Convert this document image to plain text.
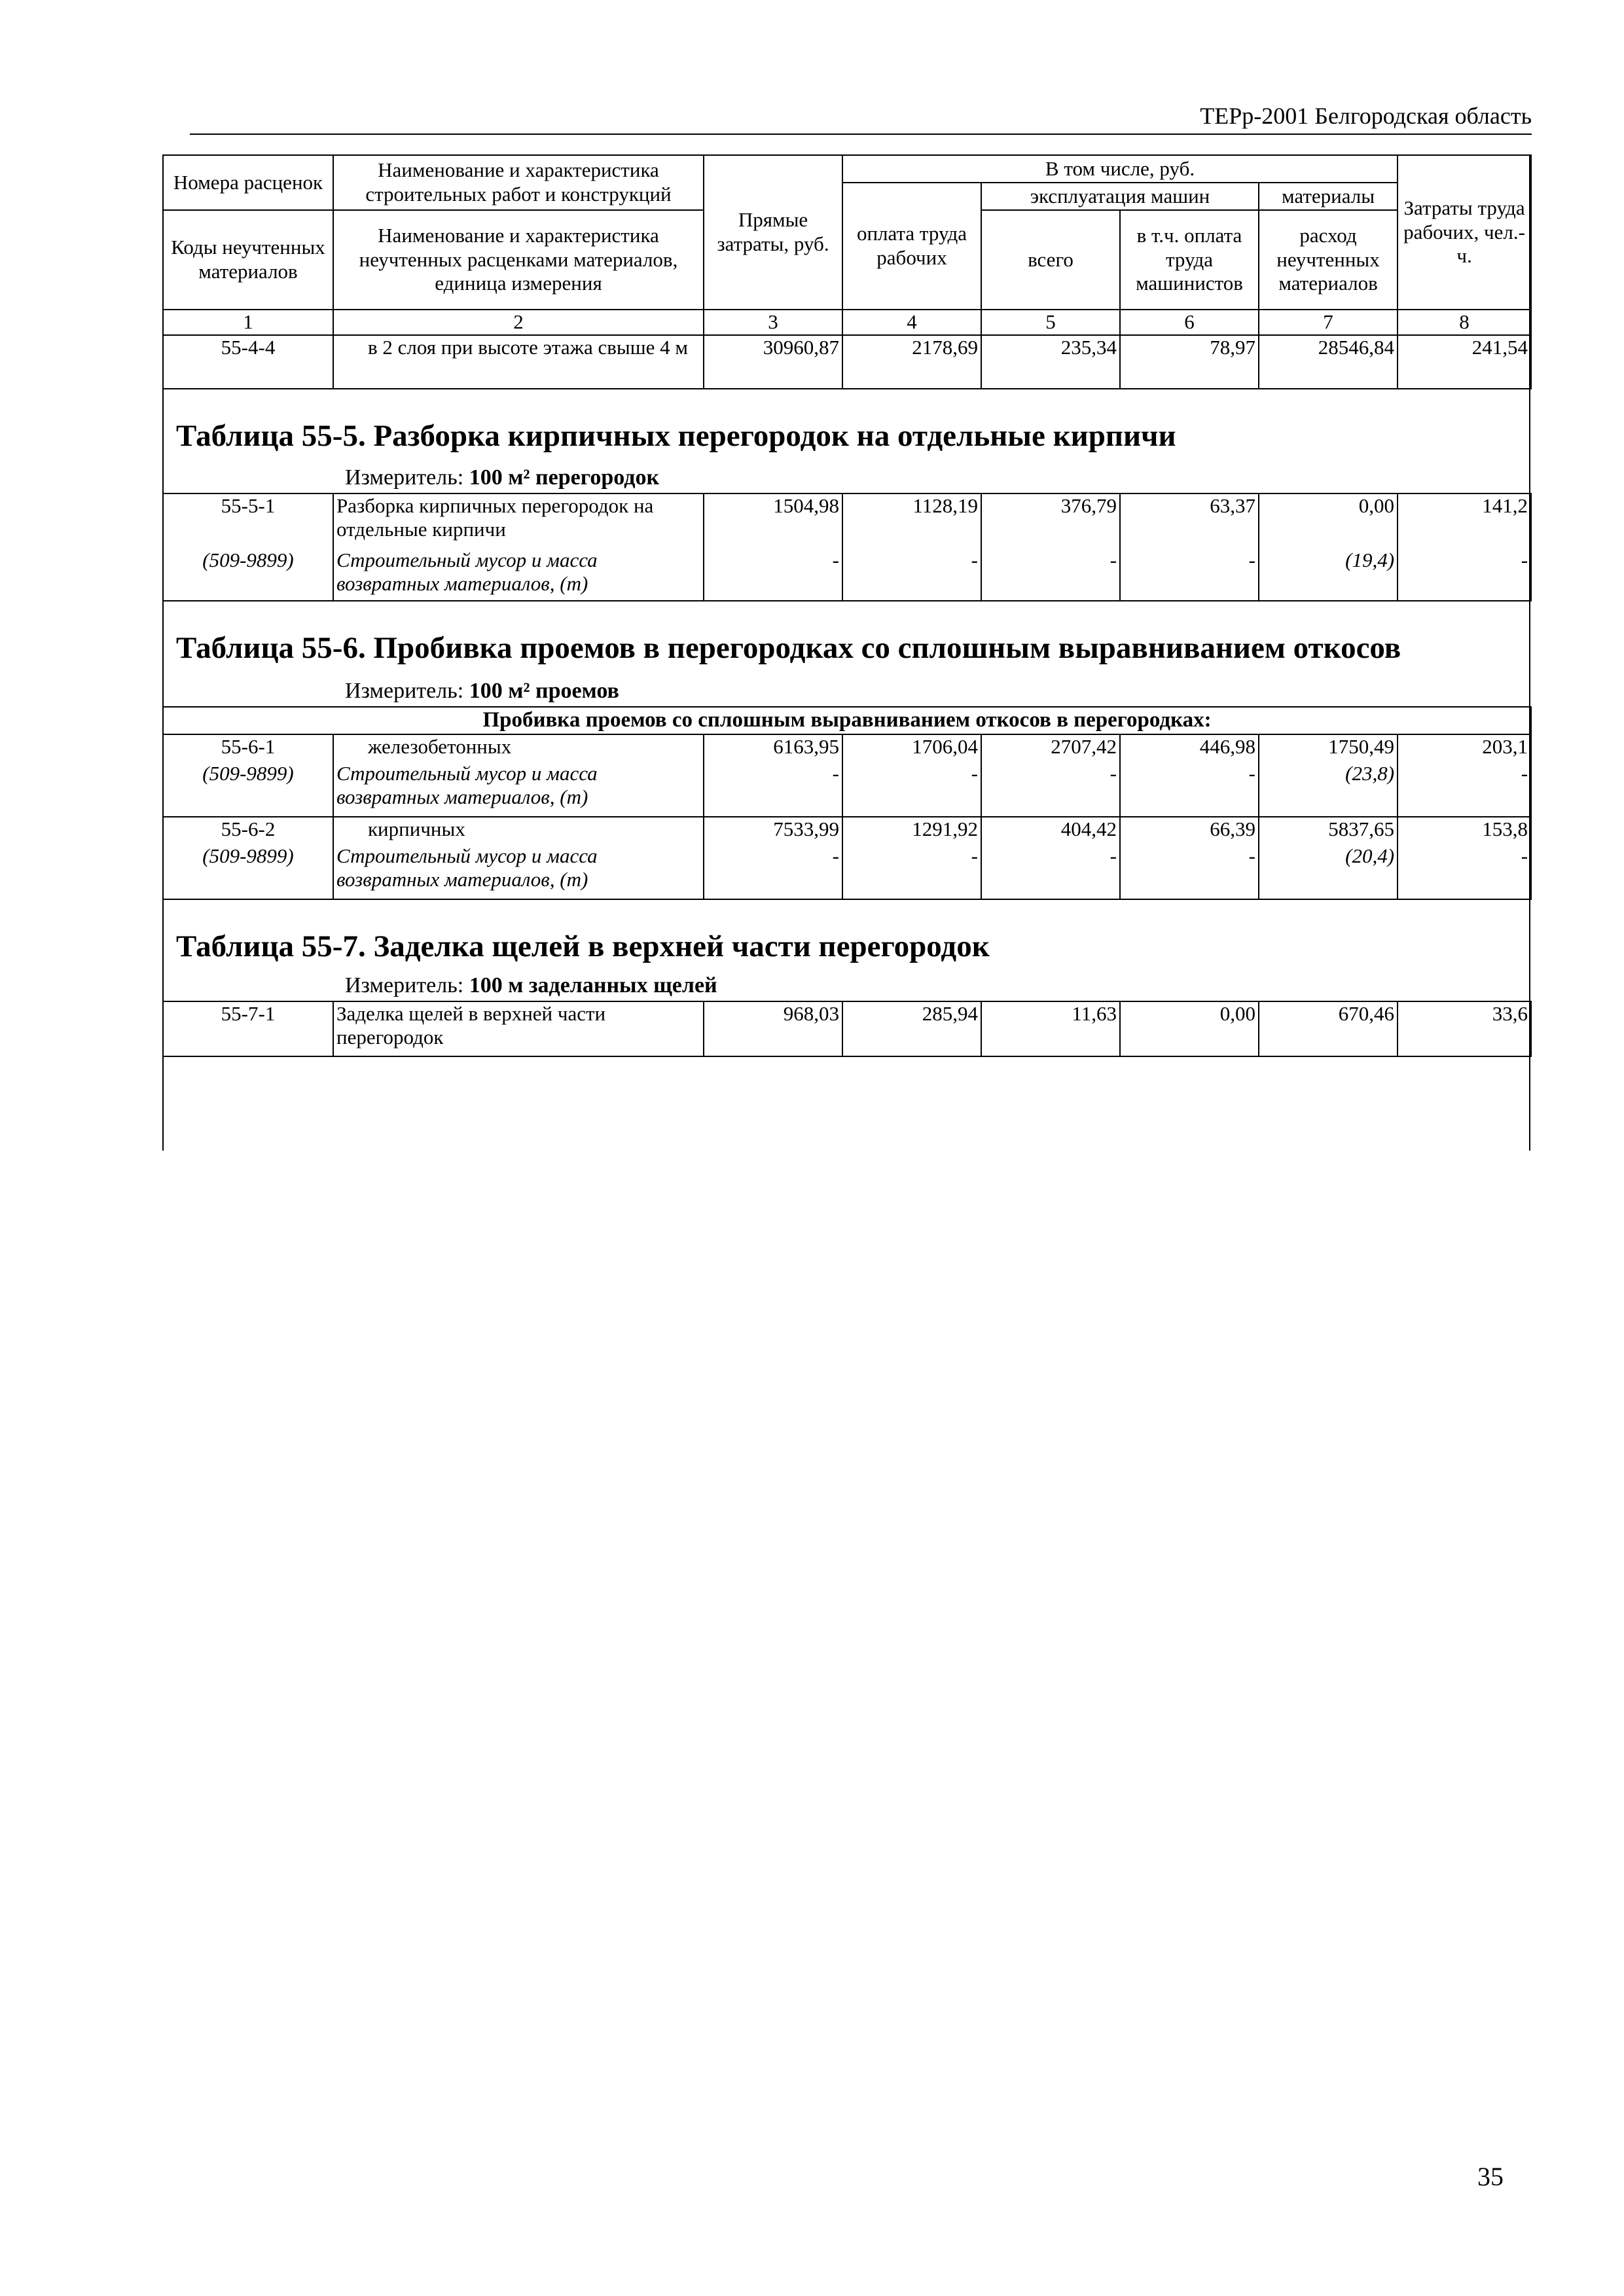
ТЕРр-2001 Белгородская область
Номера расценок	Наименование и характеристика строительных работ и конструкций	Прямые затраты, руб.	В том числе, руб.				Затраты труда рабочих, чел.-ч.
			оплата труда рабочих	эксплуатация машин		материалы	
Коды неучтенных материалов	Наименование и характеристика неучтенных расценками материалов, единица измерения			всего	в т.ч. оплата труда машинистов	расход неучтенных материалов	

1	2	3	4	5	6	7	8
55-4-4	в 2 слоя при высоте этажа свыше 4 м	30960,87	2178,69	235,34	78,97	28546,84	241,54
Таблица 55-5. Разборка кирпичных перегородок на отдельные кирпичи							
Измеритель: 100 м² перегородок							
55-5-1	Разборка кирпичных перегородок на отдельные кирпичи	1504,98	1128,19	376,79	63,37	0,00	141,2
(509-9899)	Строительный мусор и масса возвратных материалов, (т)	-	-	-	-	(19,4)	-
Таблица 55-6. Пробивка проемов в перегородках со сплошным выравниванием откосов							
Измеритель: 100 м² проемов							
Пробивка проемов со сплошным выравниванием откосов в перегородках:							
55-6-1	железобетонных	6163,95	1706,04	2707,42	446,98	1750,49	203,1
(509-9899)	Строительный мусор и масса возвратных материалов, (т)	-	-	-	-	(23,8)	-
55-6-2	кирпичных	7533,99	1291,92	404,42	66,39	5837,65	153,8
(509-9899)	Строительный мусор и масса возвратных материалов, (т)	-	-	-	-	(20,4)	-
Таблица 55-7. Заделка щелей в верхней части перегородок							
Измеритель: 100 м заделанных щелей							
55-7-1	Заделка щелей в верхней части перегородок	968,03	285,94	11,63	0,00	670,46	33,6
35
